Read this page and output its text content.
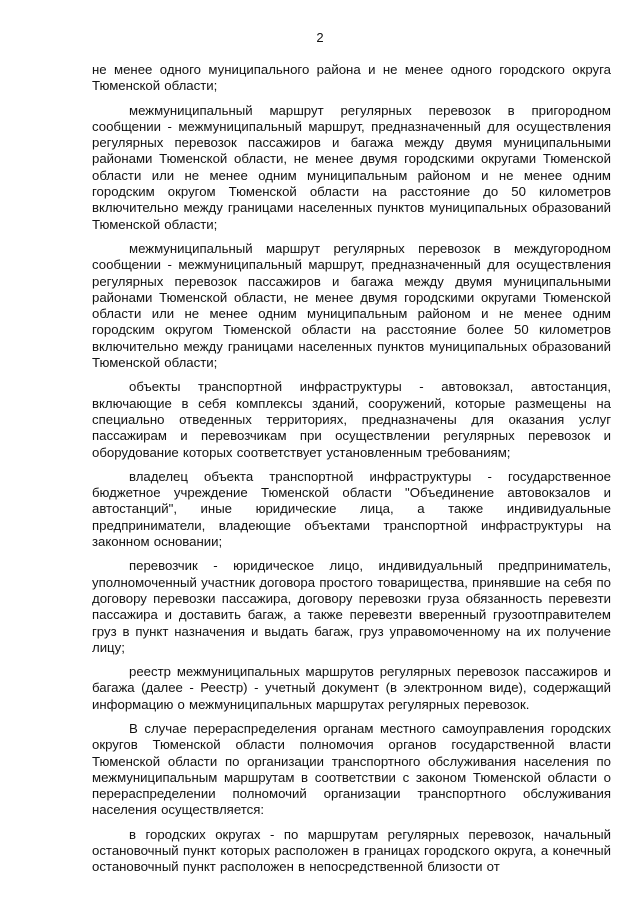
2

не менее одного муниципального района и не менее одного городского округа Тюменской области;

межмуниципальный маршрут регулярных перевозок в пригородном сообщении - межмуниципальный маршрут, предназначенный для осуществления регулярных перевозок пассажиров и багажа между двумя муниципальными районами Тюменской области, не менее двумя городскими округами Тюменской области или не менее одним муниципальным районом и не менее одним городским округом Тюменской области на расстояние до 50 километров включительно между границами населенных пунктов муниципальных образований Тюменской области;

межмуниципальный маршрут регулярных перевозок в междугородном сообщении - межмуниципальный маршрут, предназначенный для осуществления регулярных перевозок пассажиров и багажа между двумя муниципальными районами Тюменской области, не менее двумя городскими округами Тюменской области или не менее одним муниципальным районом и не менее одним городским округом Тюменской области на расстояние более 50 километров включительно между границами населенных пунктов муниципальных образований Тюменской области;

объекты транспортной инфраструктуры - автовокзал, автостанция, включающие в себя комплексы зданий, сооружений, которые размещены на специально отведенных территориях, предназначены для оказания услуг пассажирам и перевозчикам при осуществлении регулярных перевозок и оборудование которых соответствует установленным требованиям;

владелец объекта транспортной инфраструктуры - государственное бюджетное учреждение Тюменской области "Объединение автовокзалов и автостанций", иные юридические лица, а также индивидуальные предприниматели, владеющие объектами транспортной инфраструктуры на законном основании;

перевозчик - юридическое лицо, индивидуальный предприниматель, уполномоченный участник договора простого товарищества, принявшие на себя по договору перевозки пассажира, договору перевозки груза обязанность перевезти пассажира и доставить багаж, а также перевезти вверенный грузоотправителем груз в пункт назначения и выдать багаж, груз управомоченному на их получение лицу;

реестр межмуниципальных маршрутов регулярных перевозок пассажиров и багажа (далее - Реестр) - учетный документ (в электронном виде), содержащий информацию о межмуниципальных маршрутах регулярных перевозок.

В случае перераспределения органам местного самоуправления городских округов Тюменской области полномочия органов государственной власти Тюменской области по организации транспортного обслуживания населения по межмуниципальным маршрутам в соответствии с законом Тюменской области о перераспределении полномочий организации транспортного обслуживания населения осуществляется:

в городских округах - по маршрутам регулярных перевозок, начальный остановочный пункт которых расположен в границах городского округа, а конечный остановочный пункт расположен в непосредственной близости от
